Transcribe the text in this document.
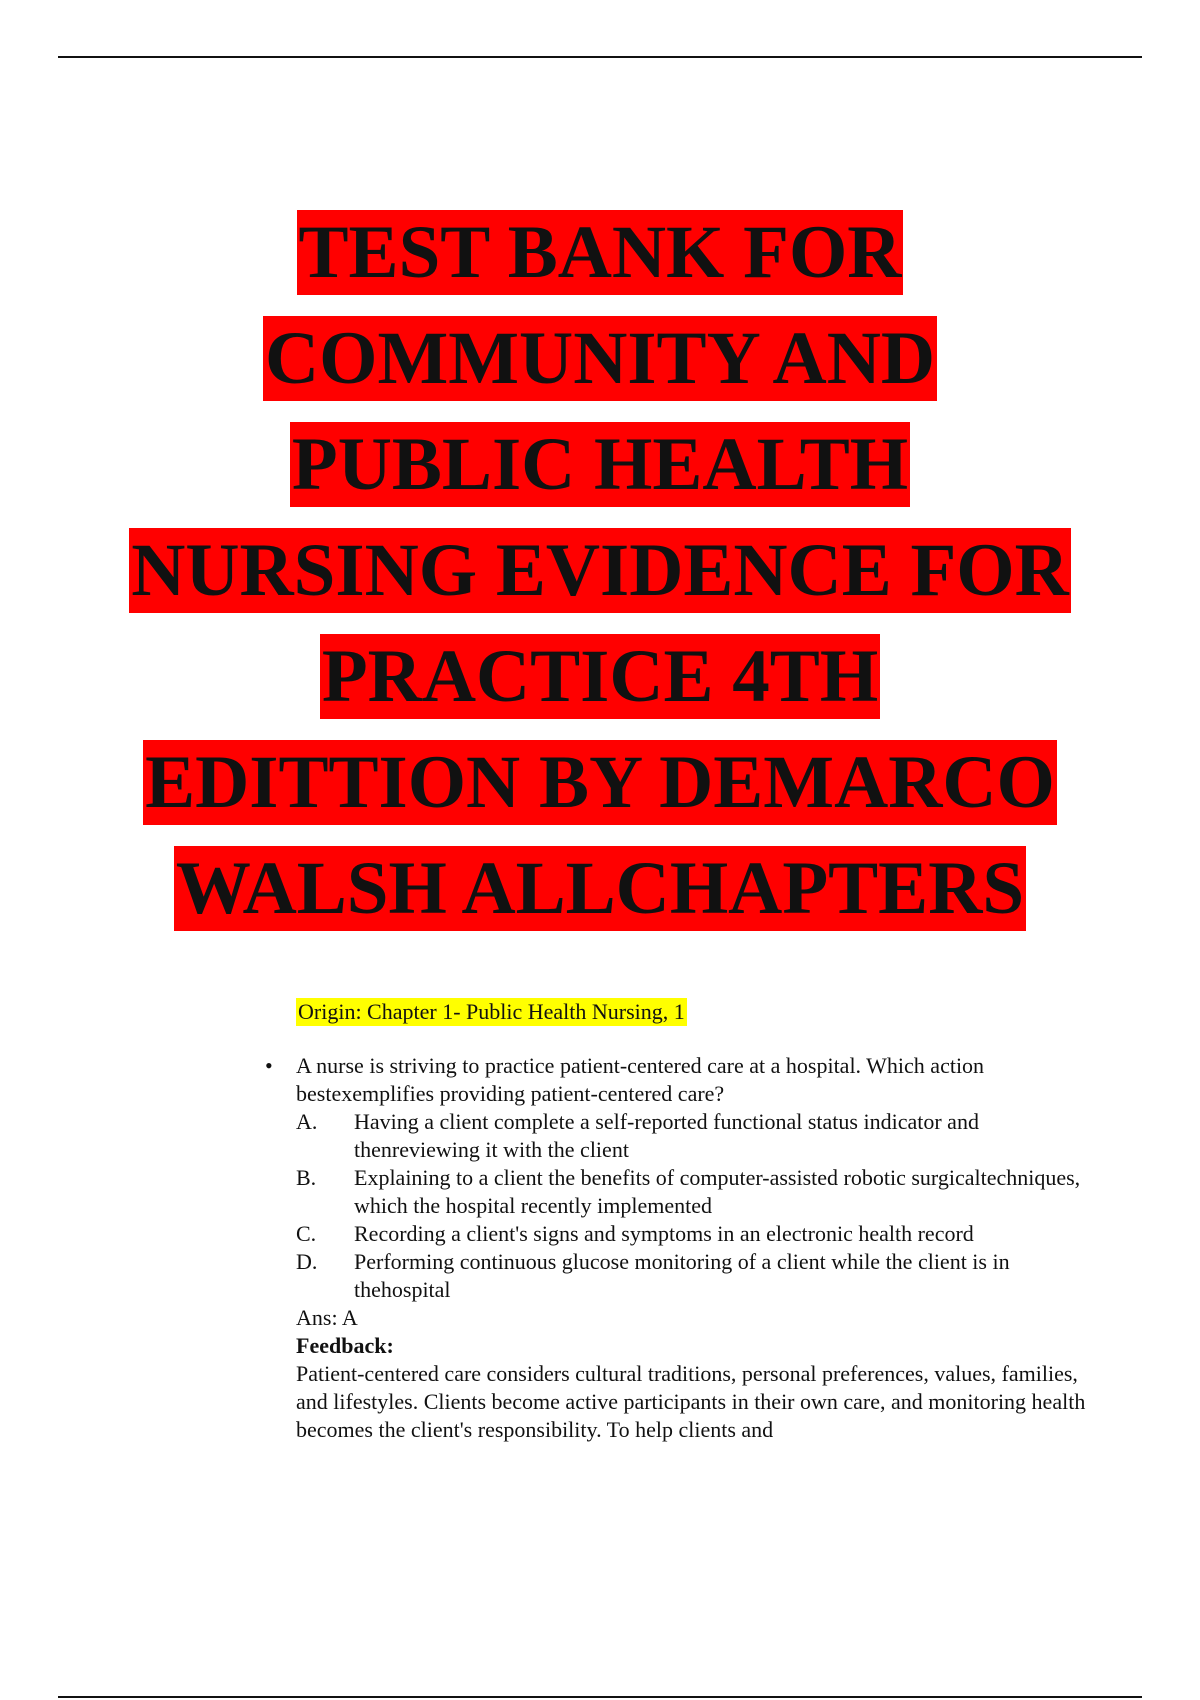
TEST BANK FOR
COMMUNITY AND
PUBLIC HEALTH
NURSING EVIDENCE FOR
PRACTICE 4TH
EDITTION BY DEMARCO
WALSH ALLCHAPTERS
Origin: Chapter 1- Public Health Nursing, 1
• A nurse is striving to practice patient-centered care at a hospital. Which action bestexemplifies providing patient-centered care?
A. Having a client complete a self-reported functional status indicator and thenreviewing it with the client
B. Explaining to a client the benefits of computer-assisted robotic surgicaltechniques, which the hospital recently implemented
C. Recording a client's signs and symptoms in an electronic health record
D. Performing continuous glucose monitoring of a client while the client is in thehospital
Ans: A
Feedback:
Patient-centered care considers cultural traditions, personal preferences, values, families, and lifestyles. Clients become active participants in their own care, and monitoring health becomes the client's responsibility. To help clients and
